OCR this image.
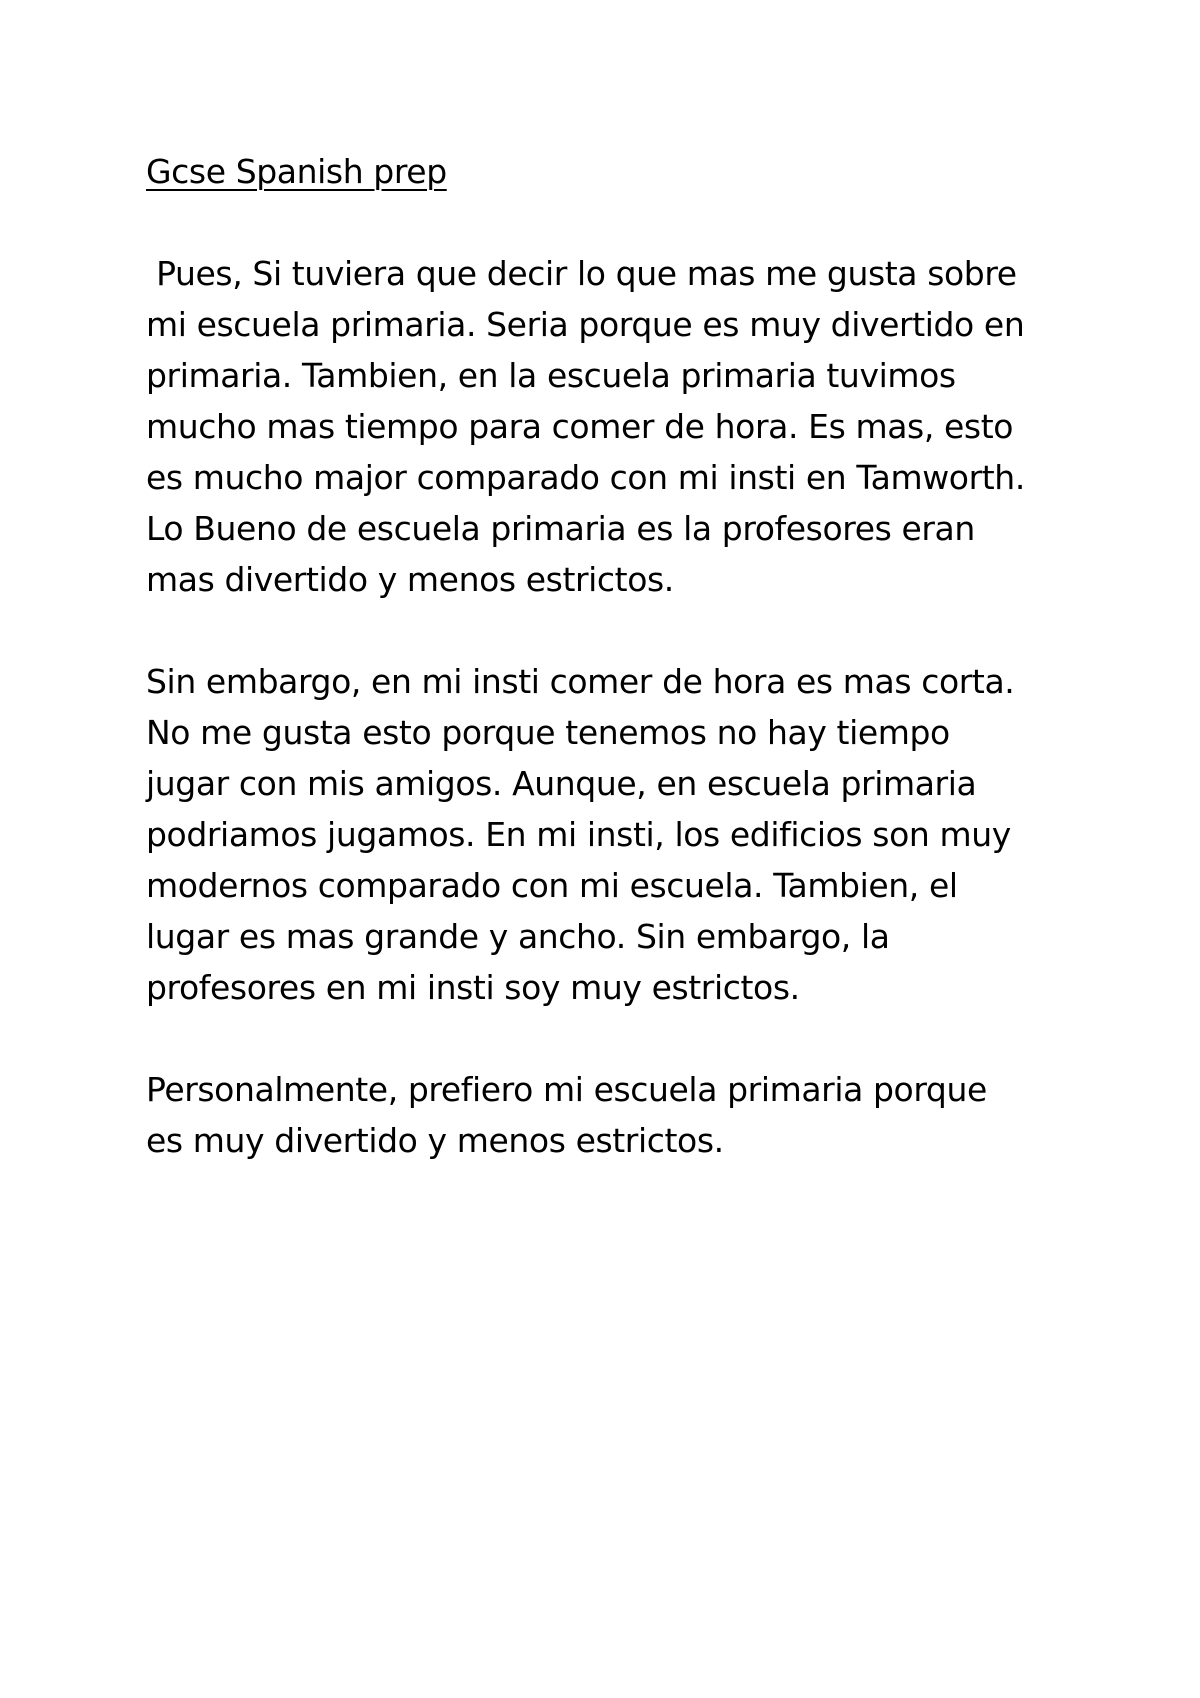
Gcse Spanish prep

Pues, Si tuviera que decir lo que mas me gusta sobre
mi escuela primaria. Seria porque es muy divertido en
primaria. Tambien, en la escuela primaria tuvimos
mucho mas tiempo para comer de hora. Es mas, esto
es mucho major comparado con mi insti en Tamworth.
Lo Bueno de escuela primaria es la profesores eran
mas divertido y menos estrictos.

Sin embargo, en mi insti comer de hora es mas corta.
No me gusta esto porque tenemos no hay tiempo
jugar con mis amigos. Aunque, en escuela primaria
podriamos jugamos. En mi insti, los edificios son muy
modernos comparado con mi escuela. Tambien, el
lugar es mas grande y ancho. Sin embargo, la
profesores en mi insti soy muy estrictos.

Personalmente, prefiero mi escuela primaria porque
es muy divertido y menos estrictos.
